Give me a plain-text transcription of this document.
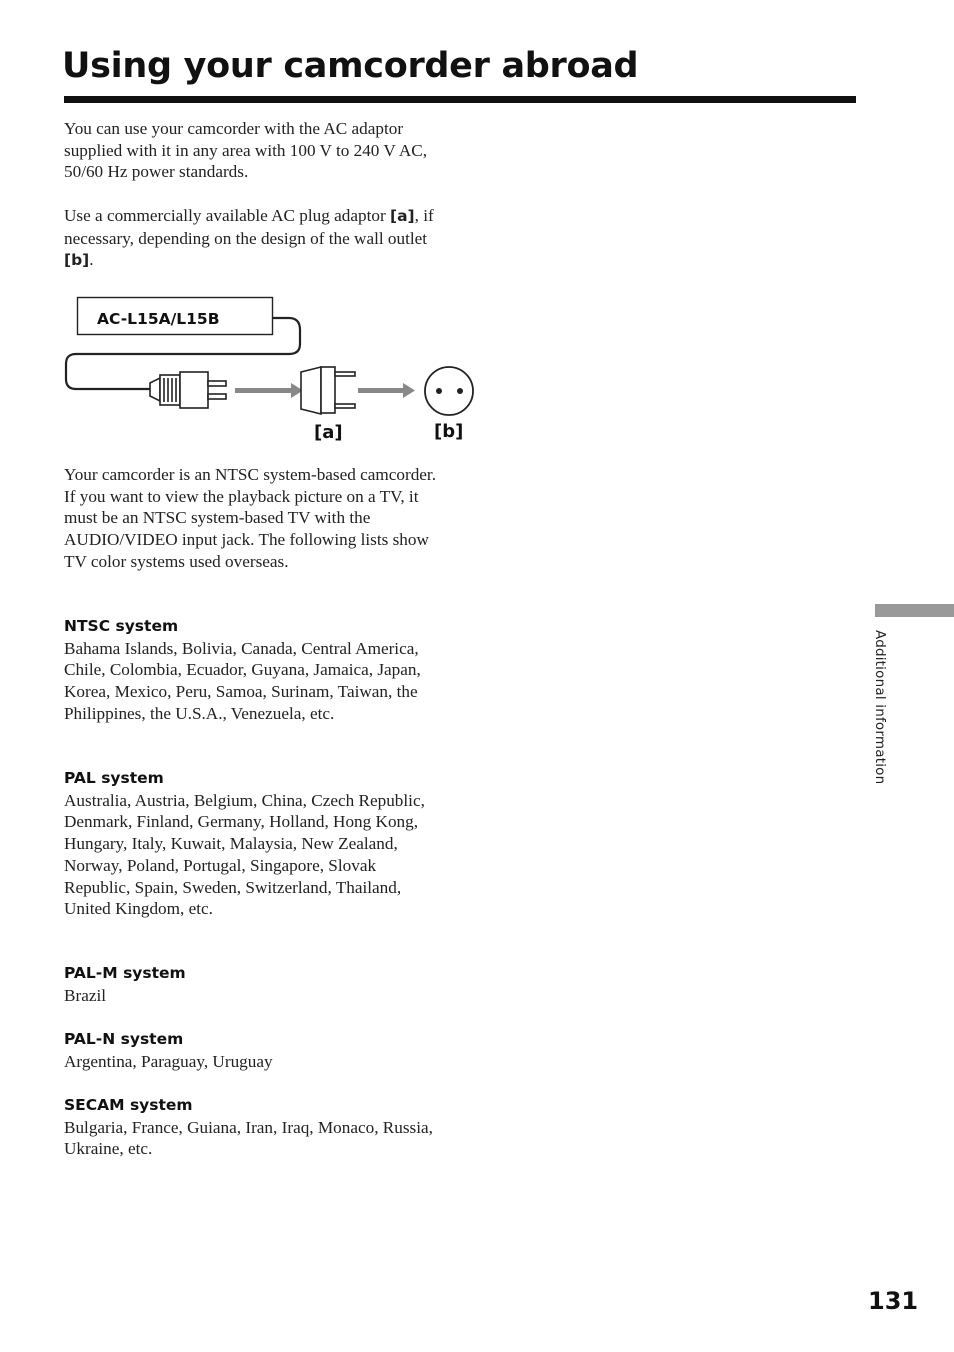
Using your camcorder abroad

You can use your camcorder with the AC adaptor supplied with it in any area with 100 V to 240 V AC, 50/60 Hz power standards.

Use a commercially available AC plug adaptor [a], if necessary, depending on the design of the wall outlet [b].

AC-L15A/L15B
[a]	[b]

Your camcorder is an NTSC system-based camcorder. If you want to view the playback picture on a TV, it must be an NTSC system-based TV with the AUDIO/VIDEO input jack. The following lists show TV color systems used overseas.

NTSC system
Bahama Islands, Bolivia, Canada, Central America, Chile, Colombia, Ecuador, Guyana, Jamaica, Japan, Korea, Mexico, Peru, Samoa, Surinam, Taiwan, the Philippines, the U.S.A., Venezuela, etc.
PAL system
Australia, Austria, Belgium, China, Czech Republic, Denmark, Finland, Germany, Holland, Hong Kong, Hungary, Italy, Kuwait, Malaysia, New Zealand, Norway, Poland, Portugal, Singapore, Slovak Republic, Spain, Sweden, Switzerland, Thailand, United Kingdom, etc.
PAL-M system
Brazil
PAL-N system
Argentina, Paraguay, Uruguay
SECAM system
Bulgaria, France, Guiana, Iran, Iraq, Monaco, Russia, Ukraine, etc.

Additional information

131
